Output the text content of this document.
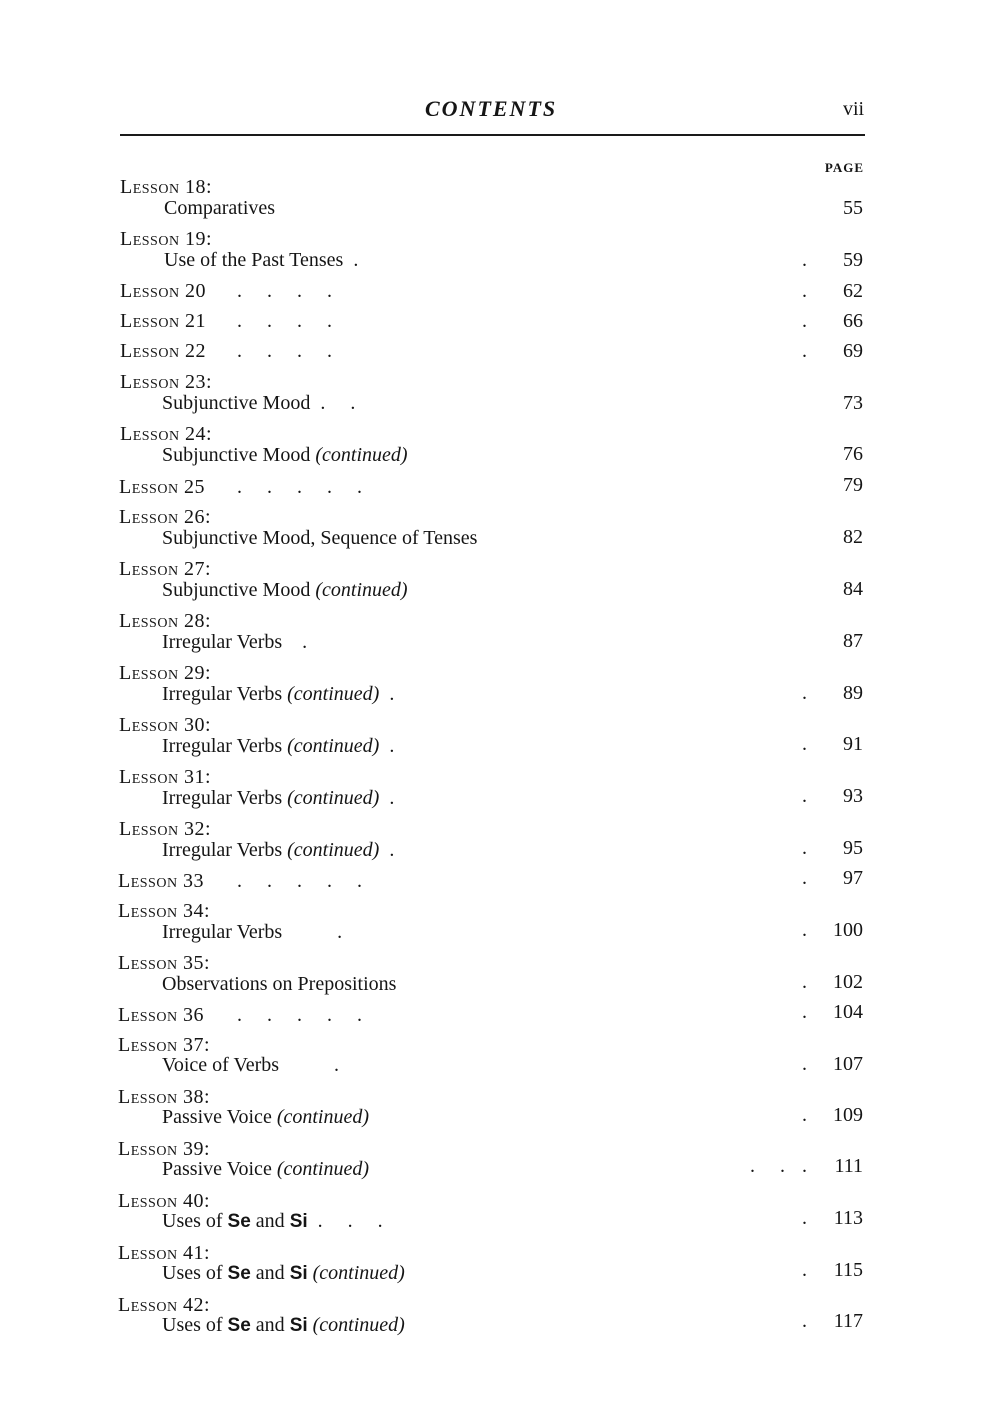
CONTENTS	vii
PAGE
Lesson 18:
Comparatives	55
Lesson 19:
Use of the Past Tenses  .	. 59
Lesson 20 .     .     .     .	. 62
Lesson 21 .     .     .     .	. 66
Lesson 22 .     .     .     .	. 69
Lesson 23:
Subjunctive Mood  .     .	73
Lesson 24:
Subjunctive Mood (continued)	76
Lesson 25 .     .     .     .     .	79
Lesson 26:
Subjunctive Mood, Sequence of Tenses	82
Lesson 27:
Subjunctive Mood (continued)	84
Lesson 28:
Irregular Verbs    .	87
Lesson 29:
Irregular Verbs (continued)  .	. 89
Lesson 30:
Irregular Verbs (continued)  .	. 91
Lesson 31:
Irregular Verbs (continued)  .	. 93
Lesson 32:
Irregular Verbs (continued)  .	. 95
Lesson 33 .     .     .     .     .	. 97
Lesson 34:
Irregular Verbs           .	. 100
Lesson 35:
Observations on Prepositions	. 102
Lesson 36 .     .     .     .     .	. 104
Lesson 37:
Voice of Verbs           .	. 107
Lesson 38:
Passive Voice (continued)	. 109
Lesson 39:
Passive Voice (continued)	.     . . 111
Lesson 40:
Uses of Se and Si  .     .     .	. 113
Lesson 41:
Uses of Se and Si (continued)	. 115
Lesson 42:
Uses of Se and Si (continued)	. 117
